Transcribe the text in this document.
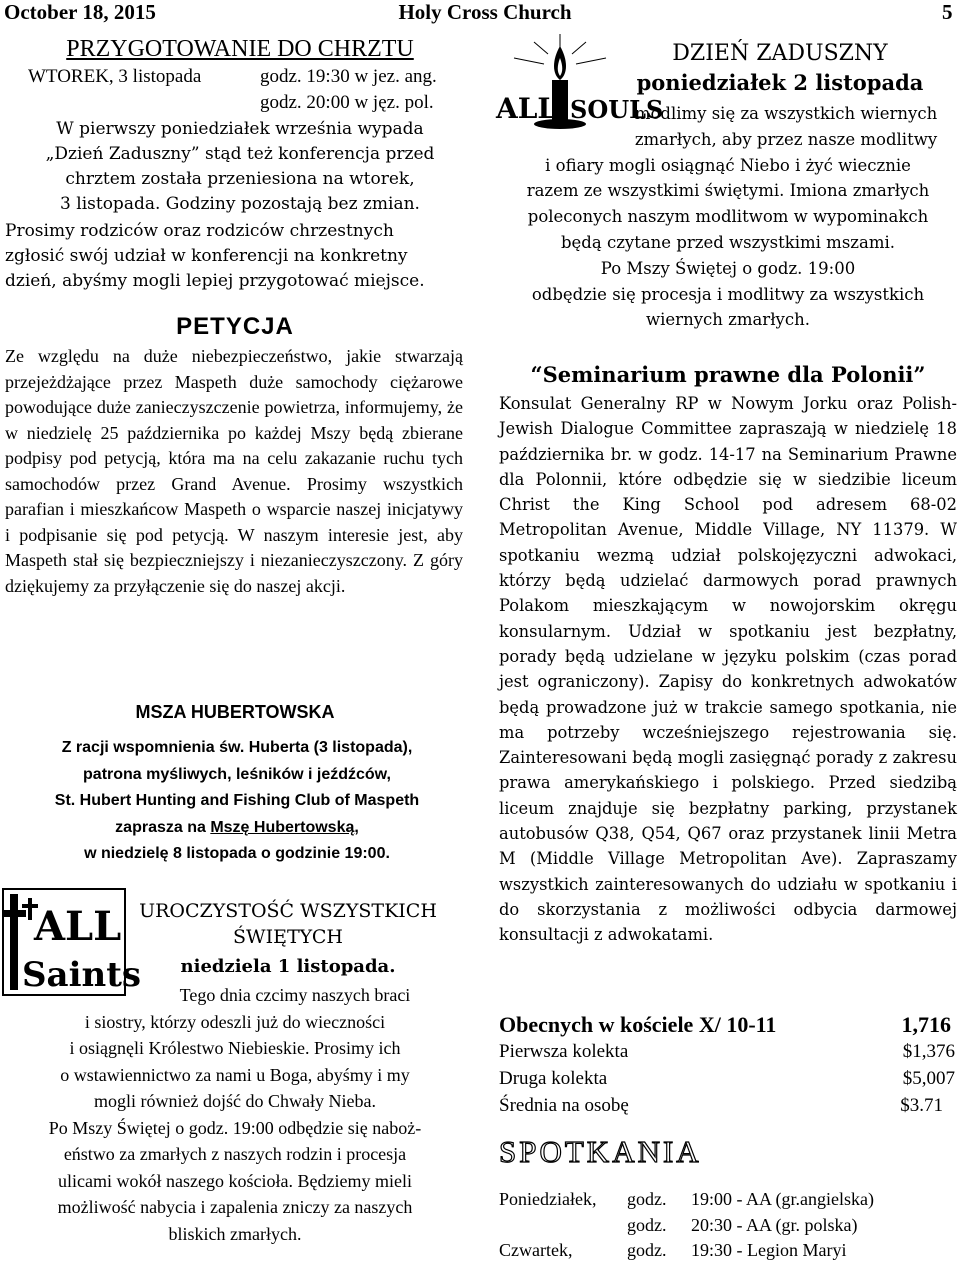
October 18, 2015	Holy Cross Church	5
PRZYGOTOWANIE DO CHRZTU
WTOREK, 3 listopada	godz. 19:30 w jez. ang.
godz. 20:00 w jęz. pol.
W pierwszy poniedziałek września wypada
„Dzień Zaduszny” stąd też konferencja przed
chrztem została przeniesiona na wtorek,
3 listopada. Godziny pozostają bez zmian.
Prosimy rodziców oraz rodziców chrzestnych zgłosić swój udział w konferencji na konkretny dzień, abyśmy mogli lepiej przygotować miejsce.
PETYCJA
Ze względu na duże niebezpieczeństwo, jakie stwarzają przejeżdżające przez Maspeth duże samochody ciężarowe powodujące duże zanieczyszczenie powietrza, informujemy, że w niedzielę 25 października po każdej Mszy będą zbierane podpisy pod petycją, która ma na celu zakazanie ruchu tych samochodów przez Grand Avenue. Prosimy wszystkich parafian i mieszkańcow Maspeth o wsparcie naszej inicjatywy i podpisanie się pod petycją. W naszym interesie jest, aby Maspeth stał się bezpieczniejszy i niezanieczyszczony. Z góry dziękujemy za przyłączenie się do naszej akcji.
MSZA HUBERTOWSKA
Z racji wspomnienia św. Huberta (3 listopada),
patrona myśliwych, leśników i jeźdźców,
St. Hubert Hunting and Fishing Club of Maspeth
zaprasza na Mszę Hubertowską,
w niedzielę 8 listopada o godzinie 19:00.
ALL
Saints
UROCZYSTOŚĆ WSZYSTKICH
ŚWIĘTYCH
niedziela 1 listopada.
Tego dnia czcimy naszych braci
i siostry, którzy odeszli już do wieczności
i osiągnęli Królestwo Niebieskie. Prosimy ich
o wstawiennictwo za nami u Boga, abyśmy i my
mogli również dojść do Chwały Nieba.
Po Mszy Świętej o godz. 19:00 odbędzie się naboż-
eństwo za zmarłych z naszych rodzin i procesja
ulicami wokół naszego kościoła. Będziemy mieli
możliwość nabycia i zapalenia zniczy za naszych
bliskich zmarłych.
ALL SOULS
DZIEŃ ZADUSZNY
poniedziałek 2 listopada
modlimy się za wszystkich wiernych
zmarłych, aby przez nasze modlitwy
i ofiary mogli osiągnąć Niebo i żyć wiecznie
razem ze wszystkimi świętymi. Imiona zmarłych
poleconych naszym modlitwom w wypominakch
będą czytane przed wszystkimi mszami.
Po Mszy Świętej o godz. 19:00
odbędzie się procesja i modlitwy za wszystkich
wiernych zmarłych.
“Seminarium prawne dla Polonii”
Konsulat Generalny RP w Nowym Jorku oraz Polish-Jewish Dialogue Committee zapraszają w niedzielę 18 października br. w godz. 14-17 na Seminarium Prawne dla Polonnii, które odbędzie się w siedzibie liceum Christ the King School pod adresem 68-02 Metropolitan Avenue, Middle Village, NY 11379. W spotkaniu wezmą udział polskojęzyczni adwokaci, którzy będą udzielać darmowych porad prawnych Polakom mieszkającym w nowojorskim okręgu konsularnym. Udział w spotkaniu jest bezpłatny, porady będą udzielane w języku polskim (czas porad jest ograniczony). Zapisy do konkretnych adwokatów będą prowadzone już w trakcie samego spotkania, nie ma potrzeby wcześniejszego rejestrowania się. Zainteresowani będą mogli zasięgnąć porady z zakresu prawa amerykańskiego i polskiego. Przed siedzibą liceum znajduje się bezpłatny parking, przystanek autobusów Q38, Q54, Q67 oraz przystanek linii Metra M (Middle Village Metropolitan Ave). Zapraszamy wszystkich zainteresowanych do udziału w spotkaniu i do skorzystania z możliwości odbycia darmowej konsultacji z adwokatami.
Obecnych w kościele X/ 10-11	1,716
Pierwsza kolekta	$1,376
Druga kolekta	$5,007
Średnia na osobę	$3.71
SPOTKANIA
Poniedziałek, godz. 19:00 - AA (gr.angielska)
godz. 20:30 - AA (gr. polska)
Czwartek,	godz. 19:30 - Legion Maryi
